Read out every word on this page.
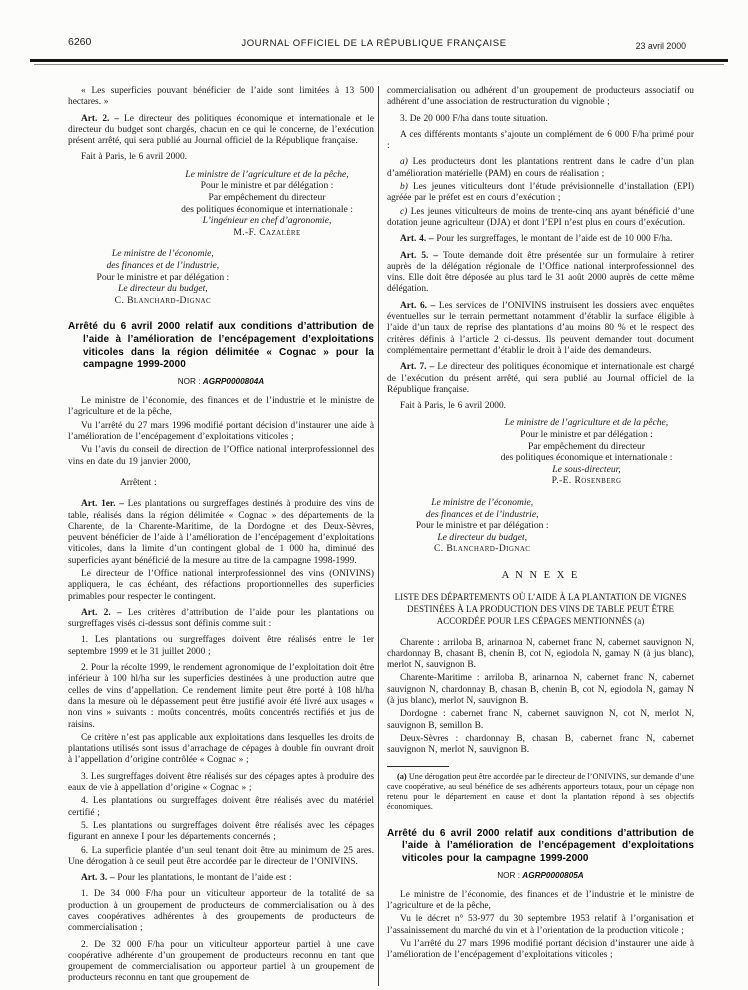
6260	JOURNAL OFFICIEL DE LA RÉPUBLIQUE FRANÇAISE	23 avril 2000

« Les superficies pouvant bénéficier de l’aide sont limitées à 13 500 hectares. »

Art. 2. – Le directeur des politiques économique et internationale et le directeur du budget sont chargés, chacun en ce qui le concerne, de l’exécution présent arrêté, qui sera publié au Journal officiel de la République française.

Fait à Paris, le 6 avril 2000.

Le ministre de l’agriculture et de la pêche,
Pour le ministre et par délégation :
Par empêchement du directeur
des politiques économique et internationale :
L’ingénieur en chef d’agronomie,
M.-F. Cazalère
Le ministre de l’économie,
des finances et de l’industrie,
Pour le ministre et par délégation :
Le directeur du budget,
C. Blanchard-Dignac
Arrêté du 6 avril 2000 relatif aux conditions d’attribution de l’aide à l’amélioration de l’encépagement d’exploitations viticoles dans la région délimitée « Cognac » pour la campagne 1999-2000

NOR : AGRP0000804A

Le ministre de l’économie, des finances et de l’industrie et le ministre de l’agriculture et de la pêche,

Vu l’arrêté du 27 mars 1996 modifié portant décision d’instaurer une aide à l’amélioration de l’encépagement d’exploitations viticoles ;

Vu l’avis du conseil de direction de l’Office national interprofessionnel des vins en date du 19 janvier 2000,

Arrêtent :

Art. 1er. – Les plantations ou surgreffages destinés à produire des vins de table, réalisés dans la région délimitée « Cognac » des départements de la Charente, de la Charente-Maritime, de la Dordogne et des Deux-Sèvres, peuvent bénéficier de l’aide à l’amélioration de l’encépagement d’exploitations viticoles, dans la limite d’un contingent global de 1 000 ha, diminué des superficies ayant bénéficié de la mesure au titre de la campagne 1998-1999.

Le directeur de l’Office national interprofessionnel des vins (ONIVINS) appliquera, le cas échéant, des réfactions proportionnelles des superficies primables pour respecter le contingent.

Art. 2. – Les critères d’attribution de l’aide pour les plantations ou surgreffages visés ci-dessus sont définis comme suit :

1. Les plantations ou surgreffages doivent être réalisés entre le 1er septembre 1999 et le 31 juillet 2000 ;

2. Pour la récolte 1999, le rendement agronomique de l’exploitation doit être inférieur à 100 hl/ha sur les superficies destinées à une production autre que celles de vins d’appellation. Ce rendement limite peut être porté à 108 hl/ha dans la mesure où le dépassement peut être justifié avoir été livré aux usages « non vins » suivants : moûts concentrés, moûts concentrés rectifiés et jus de raisins.

Ce critère n’est pas applicable aux exploitations dans lesquelles les droits de plantations utilisés sont issus d’arrachage de cépages à double fin ouvrant droit à l’appellation d’origine contrôlée « Cognac » ;

3. Les surgreffages doivent être réalisés sur des cépages aptes à produire des eaux de vie à appellation d’origine « Cognac » ;

4. Les plantations ou surgreffages doivent être réalisés avec du matériel certifié ;

5. Les plantations ou surgreffages doivent être réalisés avec les cépages figurant en annexe I pour les départements concernés ;

6. La superficie plantée d’un seul tenant doit être au minimum de 25 ares. Une dérogation à ce seuil peut être accordée par le directeur de l’ONIVINS.

Art. 3. – Pour les plantations, le montant de l’aide est :

1. De 34 000 F/ha pour un viticulteur apporteur de la totalité de sa production à un groupement de producteurs de commercialisation ou à des caves coopératives adhérentes à des groupements de producteurs de commercialisation ;

2. De 32 000 F/ha pour un viticulteur apporteur partiel à une cave coopérative adhérente d’un groupement de producteurs reconnu en tant que groupement de commercialisation ou apporteur partiel à un groupement de producteurs reconnu en tant que groupement de

commercialisation ou adhérent d’un groupement de producteurs associatif ou adhérent d’une association de restructuration du vignoble ;

3. De 20 000 F/ha dans toute situation.

A ces différents montants s’ajoute un complément de 6 000 F/ha primé pour :

a) Les producteurs dont les plantations rentrent dans le cadre d’un plan d’amélioration matérielle (PAM) en cours de réalisation ;

b) Les jeunes viticulteurs dont l’étude prévisionnelle d’installation (EPI) agréée par le préfet est en cours d’exécution ;

c) Les jeunes viticulteurs de moins de trente-cinq ans ayant bénéficié d’une dotation jeune agriculteur (DJA) et dont l’EPI n’est plus en cours d’exécution.

Art. 4. – Pour les surgreffages, le montant de l’aide est de 10 000 F/ha.

Art. 5. – Toute demande doit être présentée sur un formulaire à retirer auprès de la délégation régionale de l’Office national interprofessionnel des vins. Elle doit être déposée au plus tard le 31 août 2000 auprès de cette même délégation.

Art. 6. – Les services de l’ONIVINS instruisent les dossiers avec enquêtes éventuelles sur le terrain permettant notamment d’établir la surface éligible à l’aide d’un taux de reprise des plantations d’au moins 80 % et le respect des critères définis à l’article 2 ci-dessus. Ils peuvent demander tout document complémentaire permettant d’établir le droit à l’aide des demandeurs.

Art. 7. – Le directeur des politiques économique et internationale est chargé de l’exécution du présent arrêté, qui sera publié au Journal officiel de la République française.

Fait à Paris, le 6 avril 2000.

Le ministre de l’agriculture et de la pêche,
Pour le ministre et par délégation :
Par empêchement du directeur
des politiques économique et internationale :
Le sous-directeur,
P.-E. Rosenberg
Le ministre de l’économie,
des finances et de l’industrie,
Pour le ministre et par délégation :
Le directeur du budget,
C. Blanchard-Dignac
A N N E X E

LISTE DES DÉPARTEMENTS OÙ L’AIDE À LA PLANTATION DE VIGNES DESTINÉES À LA PRODUCTION DES VINS DE TABLE PEUT ÊTRE ACCORDÉE POUR LES CÉPAGES MENTIONNÉS (a)

Charente : arriloba B, arinarnoa N, cabernet franc N, cabernet sauvignon N, chardonnay B, chasant B, chenin B, cot N, egiodola N, gamay N (à jus blanc), merlot N, sauvignon B.

Charente-Maritime : arriloba B, arinarnoa N, cabernet franc N, cabernet sauvignon N, chardonnay B, chasan B, chenin B, cot N, egiodola N, gamay N (à jus blanc), merlot N, sauvignon B.

Dordogne : cabernet franc N, cabernet sauvignon N, cot N, merlot N, sauvignon B, semillon B.

Deux-Sèvres : chardonnay B, chasan B, cabernet franc N, cabernet sauvignon N, merlot N, sauvignon B.

(a) Une dérogation peut être accordée par le directeur de l’ONIVINS, sur demande d’une cave coopérative, au seul bénéfice de ses adhérents apporteurs totaux, pour un cépage non retenu pour le département en cause et dont la plantation répond à ses objectifs économiques.

Arrêté du 6 avril 2000 relatif aux conditions d’attribution de l’aide à l’amélioration de l’encépagement d’exploitations viticoles pour la campagne 1999-2000

NOR : AGRP0000805A

Le ministre de l’économie, des finances et de l’industrie et le ministre de l’agriculture et de la pêche,

Vu le décret n° 53-977 du 30 septembre 1953 relatif à l’organisation et l’assainissement du marché du vin et à l’orientation de la production viticole ;

Vu l’arrêté du 27 mars 1996 modifié portant décision d’instaurer une aide à l’amélioration de l’encépagement d’exploitations viticoles ;
